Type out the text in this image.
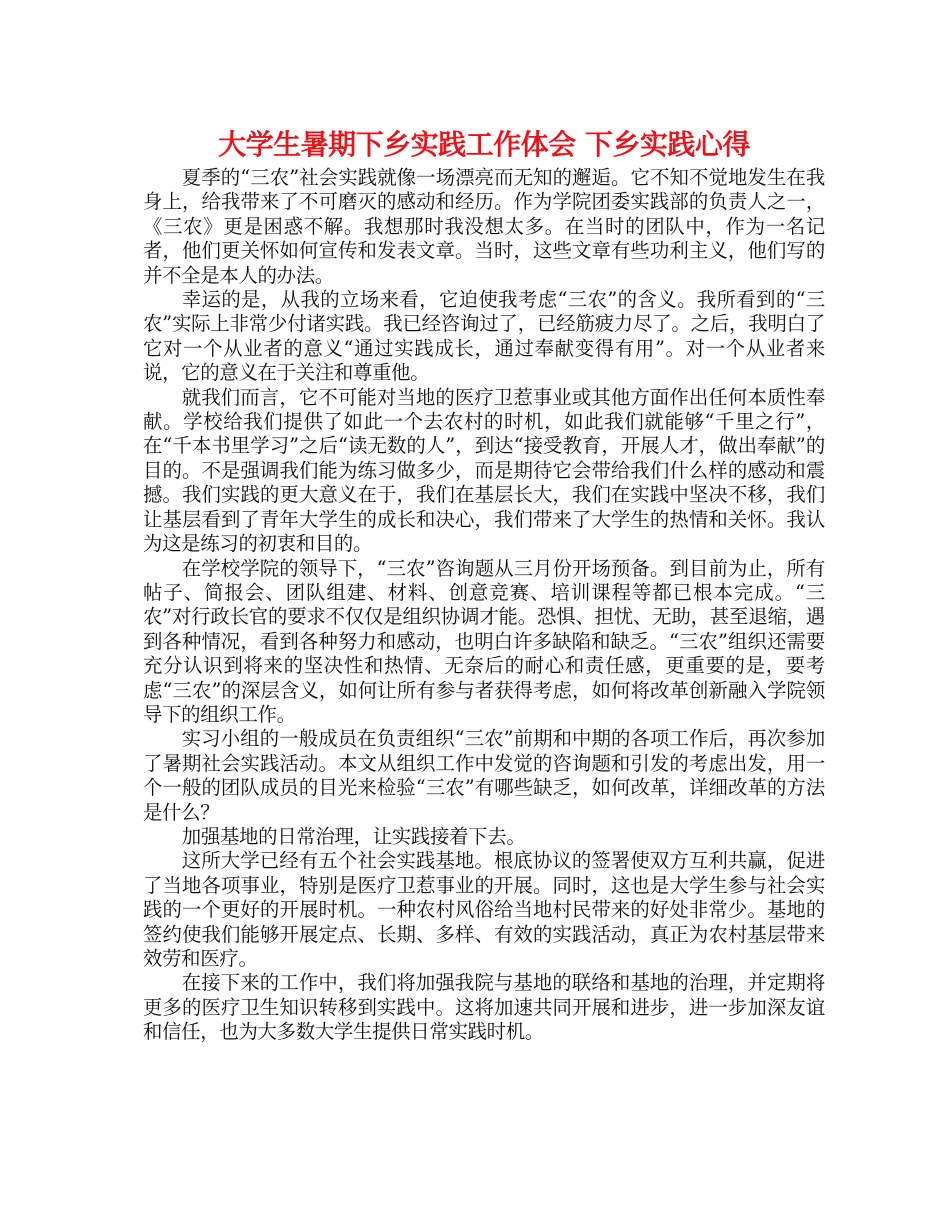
大学生暑期下乡实践工作体会 下乡实践心得

夏季的“三农”社会实践就像一场漂亮而无知的邂逅。它不知不觉地发生在我身上，给我带来了不可磨灭的感动和经历。作为学院团委实践部的负责人之一，《三农》更是困惑不解。我想那时我没想太多。在当时的团队中，作为一名记者，他们更关怀如何宣传和发表文章。当时，这些文章有些功利主义，他们写的并不全是本人的办法。

幸运的是，从我的立场来看，它迫使我考虑“三农”的含义。我所看到的“三农”实际上非常少付诸实践。我已经咨询过了，已经筋疲力尽了。之后，我明白了它对一个从业者的意义“通过实践成长，通过奉献变得有用”。对一个从业者来说，它的意义在于关注和尊重他。

就我们而言，它不可能对当地的医疗卫惹事业或其他方面作出任何本质性奉献。学校给我们提供了如此一个去农村的时机，如此我们就能够“千里之行”，在“千本书里学习”之后“读无数的人”，到达“接受教育，开展人才，做出奉献”的目的。不是强调我们能为练习做多少，而是期待它会带给我们什么样的感动和震撼。我们实践的更大意义在于，我们在基层长大，我们在实践中坚决不移，我们让基层看到了青年大学生的成长和决心，我们带来了大学生的热情和关怀。我认为这是练习的初衷和目的。

在学校学院的领导下，“三农”咨询题从三月份开场预备。到目前为止，所有帖子、简报会、团队组建、材料、创意竞赛、培训课程等都已根本完成。“三农”对行政长官的要求不仅仅是组织协调才能。恐惧、担忧、无助，甚至退缩，遇到各种情况，看到各种努力和感动，也明白许多缺陷和缺乏。“三农”组织还需要充分认识到将来的坚决性和热情、无奈后的耐心和责任感，更重要的是，要考虑“三农”的深层含义，如何让所有参与者获得考虑，如何将改革创新融入学院领导下的组织工作。

实习小组的一般成员在负责组织“三农”前期和中期的各项工作后，再次参加了暑期社会实践活动。本文从组织工作中发觉的咨询题和引发的考虑出发，用一个一般的团队成员的目光来检验“三农”有哪些缺乏，如何改革，详细改革的方法是什么？

加强基地的日常治理，让实践接着下去。

这所大学已经有五个社会实践基地。根底协议的签署使双方互利共赢，促进了当地各项事业，特别是医疗卫惹事业的开展。同时，这也是大学生参与社会实践的一个更好的开展时机。一种农村风俗给当地村民带来的好处非常少。基地的签约使我们能够开展定点、长期、多样、有效的实践活动，真正为农村基层带来效劳和医疗。

在接下来的工作中，我们将加强我院与基地的联络和基地的治理，并定期将更多的医疗卫生知识转移到实践中。这将加速共同开展和进步，进一步加深友谊和信任，也为大多数大学生提供日常实践时机。
